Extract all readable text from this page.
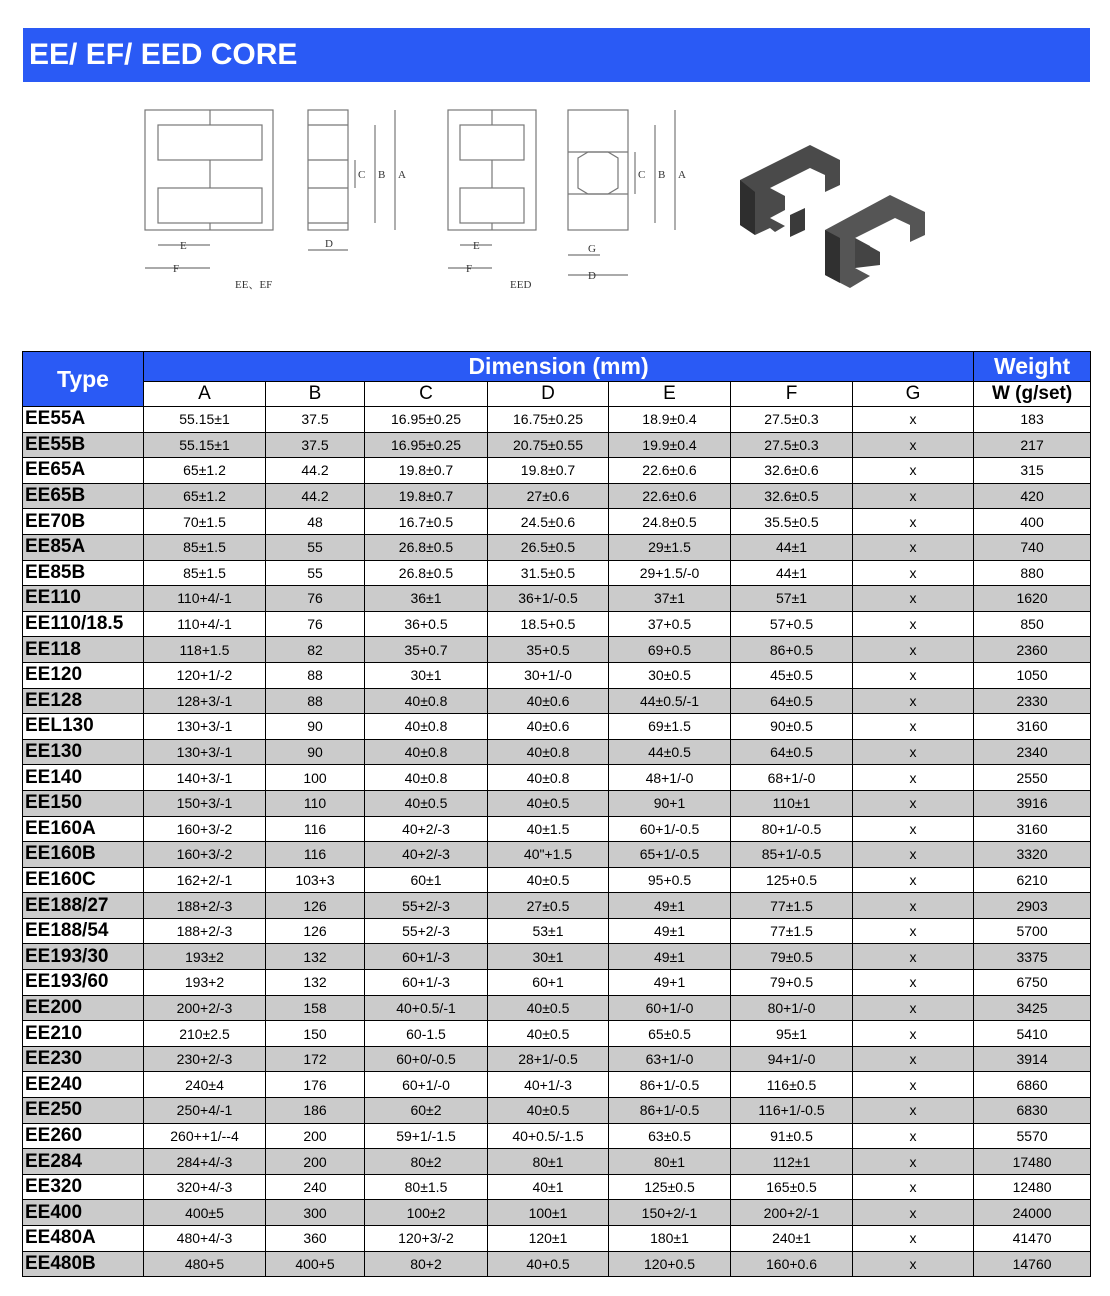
EE/ EF/ EED CORE
C B A
D
E
F
EE、EF
C B A
G
D
E
F
EED
Type	Dimension (mm)							Weight
	A	B	C	D	E	F	G	W (g/set)
EE55A	55.15±1	37.5	16.95±0.25	16.75±0.25	18.9±0.4	27.5±0.3	x	183
EE55B	55.15±1	37.5	16.95±0.25	20.75±0.55	19.9±0.4	27.5±0.3	x	217
EE65A	65±1.2	44.2	19.8±0.7	19.8±0.7	22.6±0.6	32.6±0.6	x	315
EE65B	65±1.2	44.2	19.8±0.7	27±0.6	22.6±0.6	32.6±0.5	x	420
EE70B	70±1.5	48	16.7±0.5	24.5±0.6	24.8±0.5	35.5±0.5	x	400
EE85A	85±1.5	55	26.8±0.5	26.5±0.5	29±1.5	44±1	x	740
EE85B	85±1.5	55	26.8±0.5	31.5±0.5	29+1.5/-0	44±1	x	880
EE110	110+4/-1	76	36±1	36+1/-0.5	37±1	57±1	x	1620
EE110/18.5	110+4/-1	76	36+0.5	18.5+0.5	37+0.5	57+0.5	x	850
EE118	118+1.5	82	35+0.7	35+0.5	69+0.5	86+0.5	x	2360
EE120	120+1/-2	88	30±1	30+1/-0	30±0.5	45±0.5	x	1050
EE128	128+3/-1	88	40±0.8	40±0.6	44±0.5/-1	64±0.5	x	2330
EEL130	130+3/-1	90	40±0.8	40±0.6	69±1.5	90±0.5	x	3160
EE130	130+3/-1	90	40±0.8	40±0.8	44±0.5	64±0.5	x	2340
EE140	140+3/-1	100	40±0.8	40±0.8	48+1/-0	68+1/-0	x	2550
EE150	150+3/-1	110	40±0.5	40±0.5	90+1	110±1	x	3916
EE160A	160+3/-2	116	40+2/-3	40±1.5	60+1/-0.5	80+1/-0.5	x	3160
EE160B	160+3/-2	116	40+2/-3	40"+1.5	65+1/-0.5	85+1/-0.5	x	3320
EE160C	162+2/-1	103+3	60±1	40±0.5	95+0.5	125+0.5	x	6210
EE188/27	188+2/-3	126	55+2/-3	27±0.5	49±1	77±1.5	x	2903
EE188/54	188+2/-3	126	55+2/-3	53±1	49±1	77±1.5	x	5700
EE193/30	193±2	132	60+1/-3	30±1	49±1	79±0.5	x	3375
EE193/60	193+2	132	60+1/-3	60+1	49+1	79+0.5	x	6750
EE200	200+2/-3	158	40+0.5/-1	40±0.5	60+1/-0	80+1/-0	x	3425
EE210	210±2.5	150	60-1.5	40±0.5	65±0.5	95±1	x	5410
EE230	230+2/-3	172	60+0/-0.5	28+1/-0.5	63+1/-0	94+1/-0	x	3914
EE240	240±4	176	60+1/-0	40+1/-3	86+1/-0.5	116±0.5	x	6860
EE250	250+4/-1	186	60±2	40±0.5	86+1/-0.5	116+1/-0.5	x	6830
EE260	260++1/--4	200	59+1/-1.5	40+0.5/-1.5	63±0.5	91±0.5	x	5570
EE284	284+4/-3	200	80±2	80±1	80±1	112±1	x	17480
EE320	320+4/-3	240	80±1.5	40±1	125±0.5	165±0.5	x	12480
EE400	400±5	300	100±2	100±1	150+2/-1	200+2/-1	x	24000
EE480A	480+4/-3	360	120+3/-2	120±1	180±1	240±1	x	41470
EE480B	480+5	400+5	80+2	40+0.5	120+0.5	160+0.6	x	14760
